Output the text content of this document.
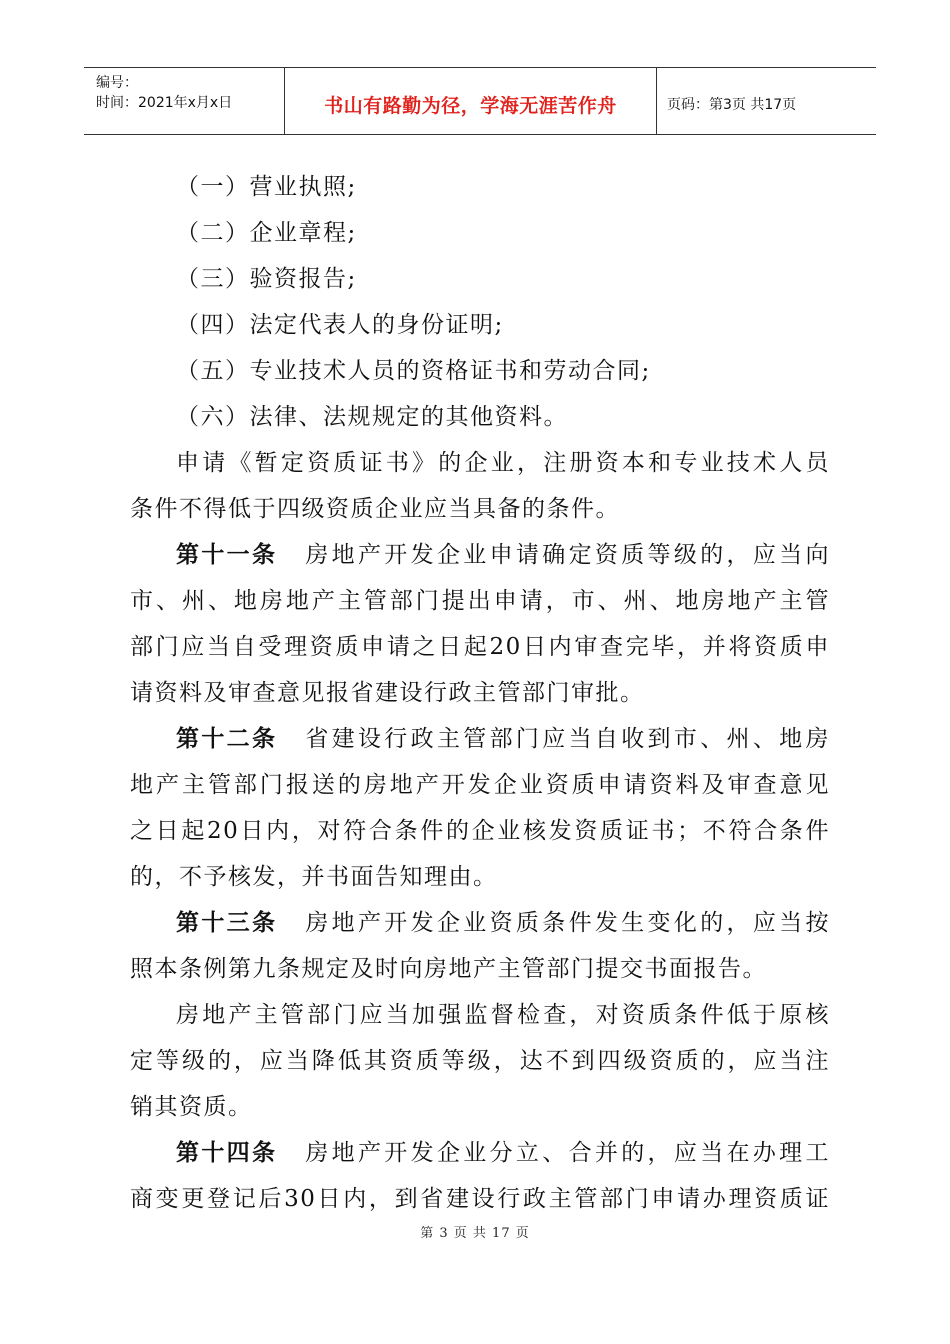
编号：
时间：2021年x月x日	书山有路勤为径，学海无涯苦作舟	页码：第3页 共17页
（一）营业执照;
（二）企业章程;
（三）验资报告;
（四）法定代表人的身份证明;
（五）专业技术人员的资格证书和劳动合同;
（六）法律、法规规定的其他资料。
申请《暂定资质证书》的企业，注册资本和专业技术人员
条件不得低于四级资质企业应当具备的条件。
第十一条 房地产开发企业申请确定资质等级的，应当向
市、州、地房地产主管部门提出申请，市、州、地房地产主管
部门应当自受理资质申请之日起20日内审查完毕，并将资质申
请资料及审查意见报省建设行政主管部门审批。
第十二条 省建设行政主管部门应当自收到市、州、地房
地产主管部门报送的房地产开发企业资质申请资料及审查意见
之日起20日内，对符合条件的企业核发资质证书；不符合条件
的，不予核发，并书面告知理由。
第十三条 房地产开发企业资质条件发生变化的，应当按
照本条例第九条规定及时向房地产主管部门提交书面报告。
房地产主管部门应当加强监督检查，对资质条件低于原核
定等级的，应当降低其资质等级，达不到四级资质的，应当注
销其资质。
第十四条 房地产开发企业分立、合并的，应当在办理工
商变更登记后30日内，到省建设行政主管部门申请办理资质证
第 3 页 共 17 页
